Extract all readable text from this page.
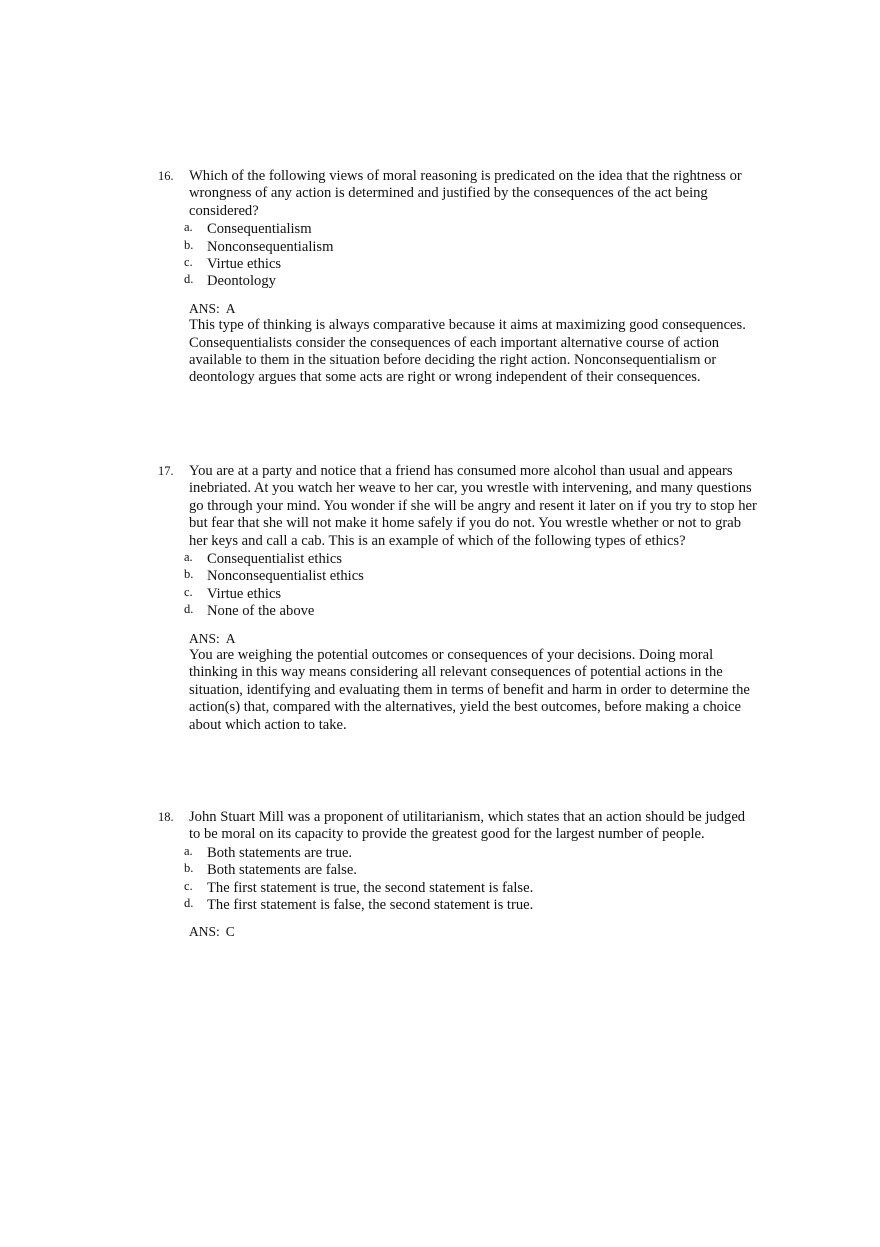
16.	Which of the following views of moral reasoning is predicated on the idea that the rightness or wrongness of any action is determined and justified by the consequences of the act being considered?
a. Consequentialism
b. Nonconsequentialism
c. Virtue ethics
d. Deontology
ANS: A
This type of thinking is always comparative because it aims at maximizing good consequences. Consequentialists consider the consequences of each important alternative course of action available to them in the situation before deciding the right action. Nonconsequentialism or deontology argues that some acts are right or wrong independent of their consequences.
17.	You are at a party and notice that a friend has consumed more alcohol than usual and appears inebriated. At you watch her weave to her car, you wrestle with intervening, and many questions go through your mind. You wonder if she will be angry and resent it later on if you try to stop her but fear that she will not make it home safely if you do not. You wrestle whether or not to grab her keys and call a cab. This is an example of which of the following types of ethics?
a. Consequentialist ethics
b. Nonconsequentialist ethics
c. Virtue ethics
d. None of the above
ANS: A
You are weighing the potential outcomes or consequences of your decisions. Doing moral thinking in this way means considering all relevant consequences of potential actions in the situation, identifying and evaluating them in terms of benefit and harm in order to determine the action(s) that, compared with the alternatives, yield the best outcomes, before making a choice about which action to take.
18.	John Stuart Mill was a proponent of utilitarianism, which states that an action should be judged to be moral on its capacity to provide the greatest good for the largest number of people.
a. Both statements are true.
b. Both statements are false.
c. The first statement is true, the second statement is false.
d. The first statement is false, the second statement is true.
ANS: C
